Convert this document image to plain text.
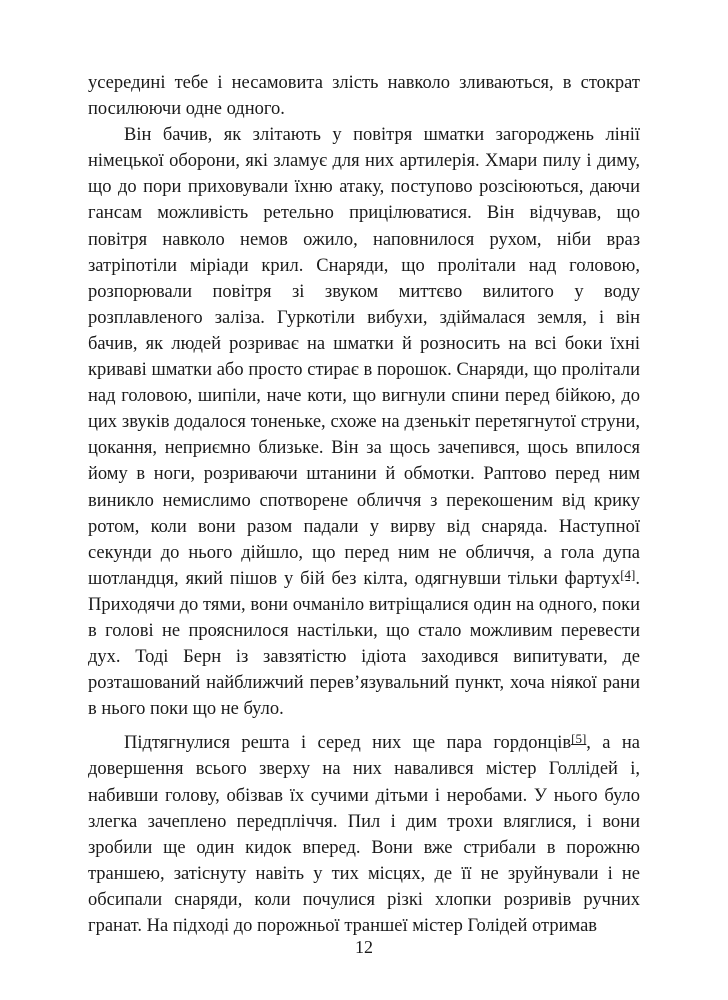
усередині тебе і несамовита злість навколо зливаються, в стократ посилюючи одне одного.

Він бачив, як злітають у повітря шматки загороджень лінії німецької оборони, які зламує для них артилерія. Хмари пилу і диму, що до пори приховували їхню атаку, поступово розсіюються, даючи гансам можливість ретельно прицілюватися. Він відчував, що повітря навколо немов ожило, наповнилося рухом, ніби враз затріпотіли міріади крил. Снаряди, що пролітали над головою, розпорювали повітря зі звуком миттєво вилитого у воду розплавленого заліза. Гуркотіли вибухи, здіймалася земля, і він бачив, як людей розриває на шматки й розносить на всі боки їхні криваві шматки або просто стирає в порошок. Снаряди, що пролітали над головою, шипіли, наче коти, що вигнули спини перед бійкою, до цих звуків додалося тоненьке, схоже на дзенькіт перетягнутої струни, цокання, неприємно близьке. Він за щось зачепився, щось впилося йому в ноги, розриваючи штанини й обмотки. Раптово перед ним виникло немислимо спотворене обличчя з перекошеним від крику ротом, коли вони разом падали у вирву від снаряда. Наступної секунди до нього дійшло, що перед ним не обличчя, а гола дупа шотландця, який пішов у бій без кілта, одягнувши тільки фартух[4]. Приходячи до тями, вони очманіло витріщалися один на одного, поки в голові не прояснилося настільки, що стало можливим перевести дух. Тоді Берн із завзятістю ідіота заходився випитувати, де розташований найближчий перев’язувальний пункт, хоча ніякої рани в нього поки що не було.

Підтягнулися решта і серед них ще пара гордонців[5], а на довершення всього зверху на них навалився містер Голлідей і, набивши голову, обізвав їх сучими дітьми і неробами. У нього було злегка зачеплено передпліччя. Пил і дим трохи вляглися, і вони зробили ще один кидок вперед. Вони вже стрибали в порожню траншею, затіснуту навіть у тих місцях, де її не зруйнували і не обсипали снаряди, коли почулися різкі хлопки розривів ручних гранат. На підході до порожньої траншеї містер Голідей отримав

12
